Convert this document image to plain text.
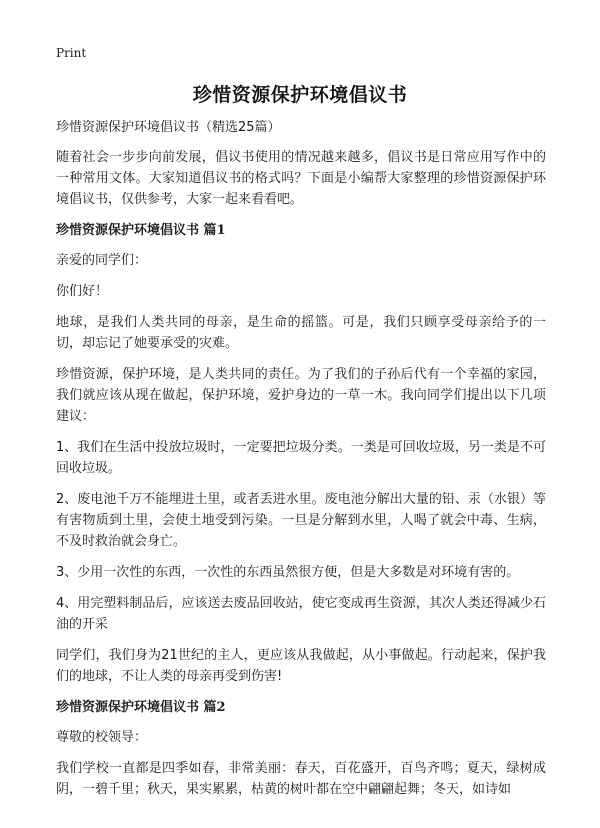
Print
珍惜资源保护环境倡议书

珍惜资源保护环境倡议书（精选25篇）

随着社会一步步向前发展，倡议书使用的情况越来越多，倡议书是日常应用写作中的一种常用文体。大家知道倡议书的格式吗？下面是小编帮大家整理的珍惜资源保护环境倡议书，仅供参考，大家一起来看看吧。

珍惜资源保护环境倡议书 篇1

亲爱的同学们：

你们好！

地球，是我们人类共同的母亲，是生命的摇篮。可是，我们只顾享受母亲给予的一切，却忘记了她要承受的灾难。

珍惜资源，保护环境，是人类共同的责任。为了我们的子孙后代有一个幸福的家园，我们就应该从现在做起，保护环境，爱护身边的一草一木。我向同学们提出以下几项建议：

1、我们在生活中投放垃圾时，一定要把垃圾分类。一类是可回收垃圾，另一类是不可回收垃圾。

2、废电池千万不能埋进土里，或者丢进水里。废电池分解出大量的铅、汞（水银）等有害物质到土里，会使土地受到污染。一旦是分解到水里，人喝了就会中毒、生病，不及时救治就会身亡。

3、少用一次性的东西，一次性的东西虽然很方便，但是大多数是对环境有害的。

4、用完塑料制品后，应该送去废品回收站，使它变成再生资源，其次人类还得减少石油的开采

同学们，我们身为21世纪的主人，更应该从我做起，从小事做起。行动起来，保护我们的地球，不让人类的母亲再受到伤害!

珍惜资源保护环境倡议书 篇2

尊敬的校领导：

我们学校一直都是四季如春，非常美丽：春天，百花盛开，百鸟齐鸣；夏天，绿树成阴，一碧千里；秋天，果实累累，枯黄的树叶都在空中翩翩起舞；冬天，如诗如
